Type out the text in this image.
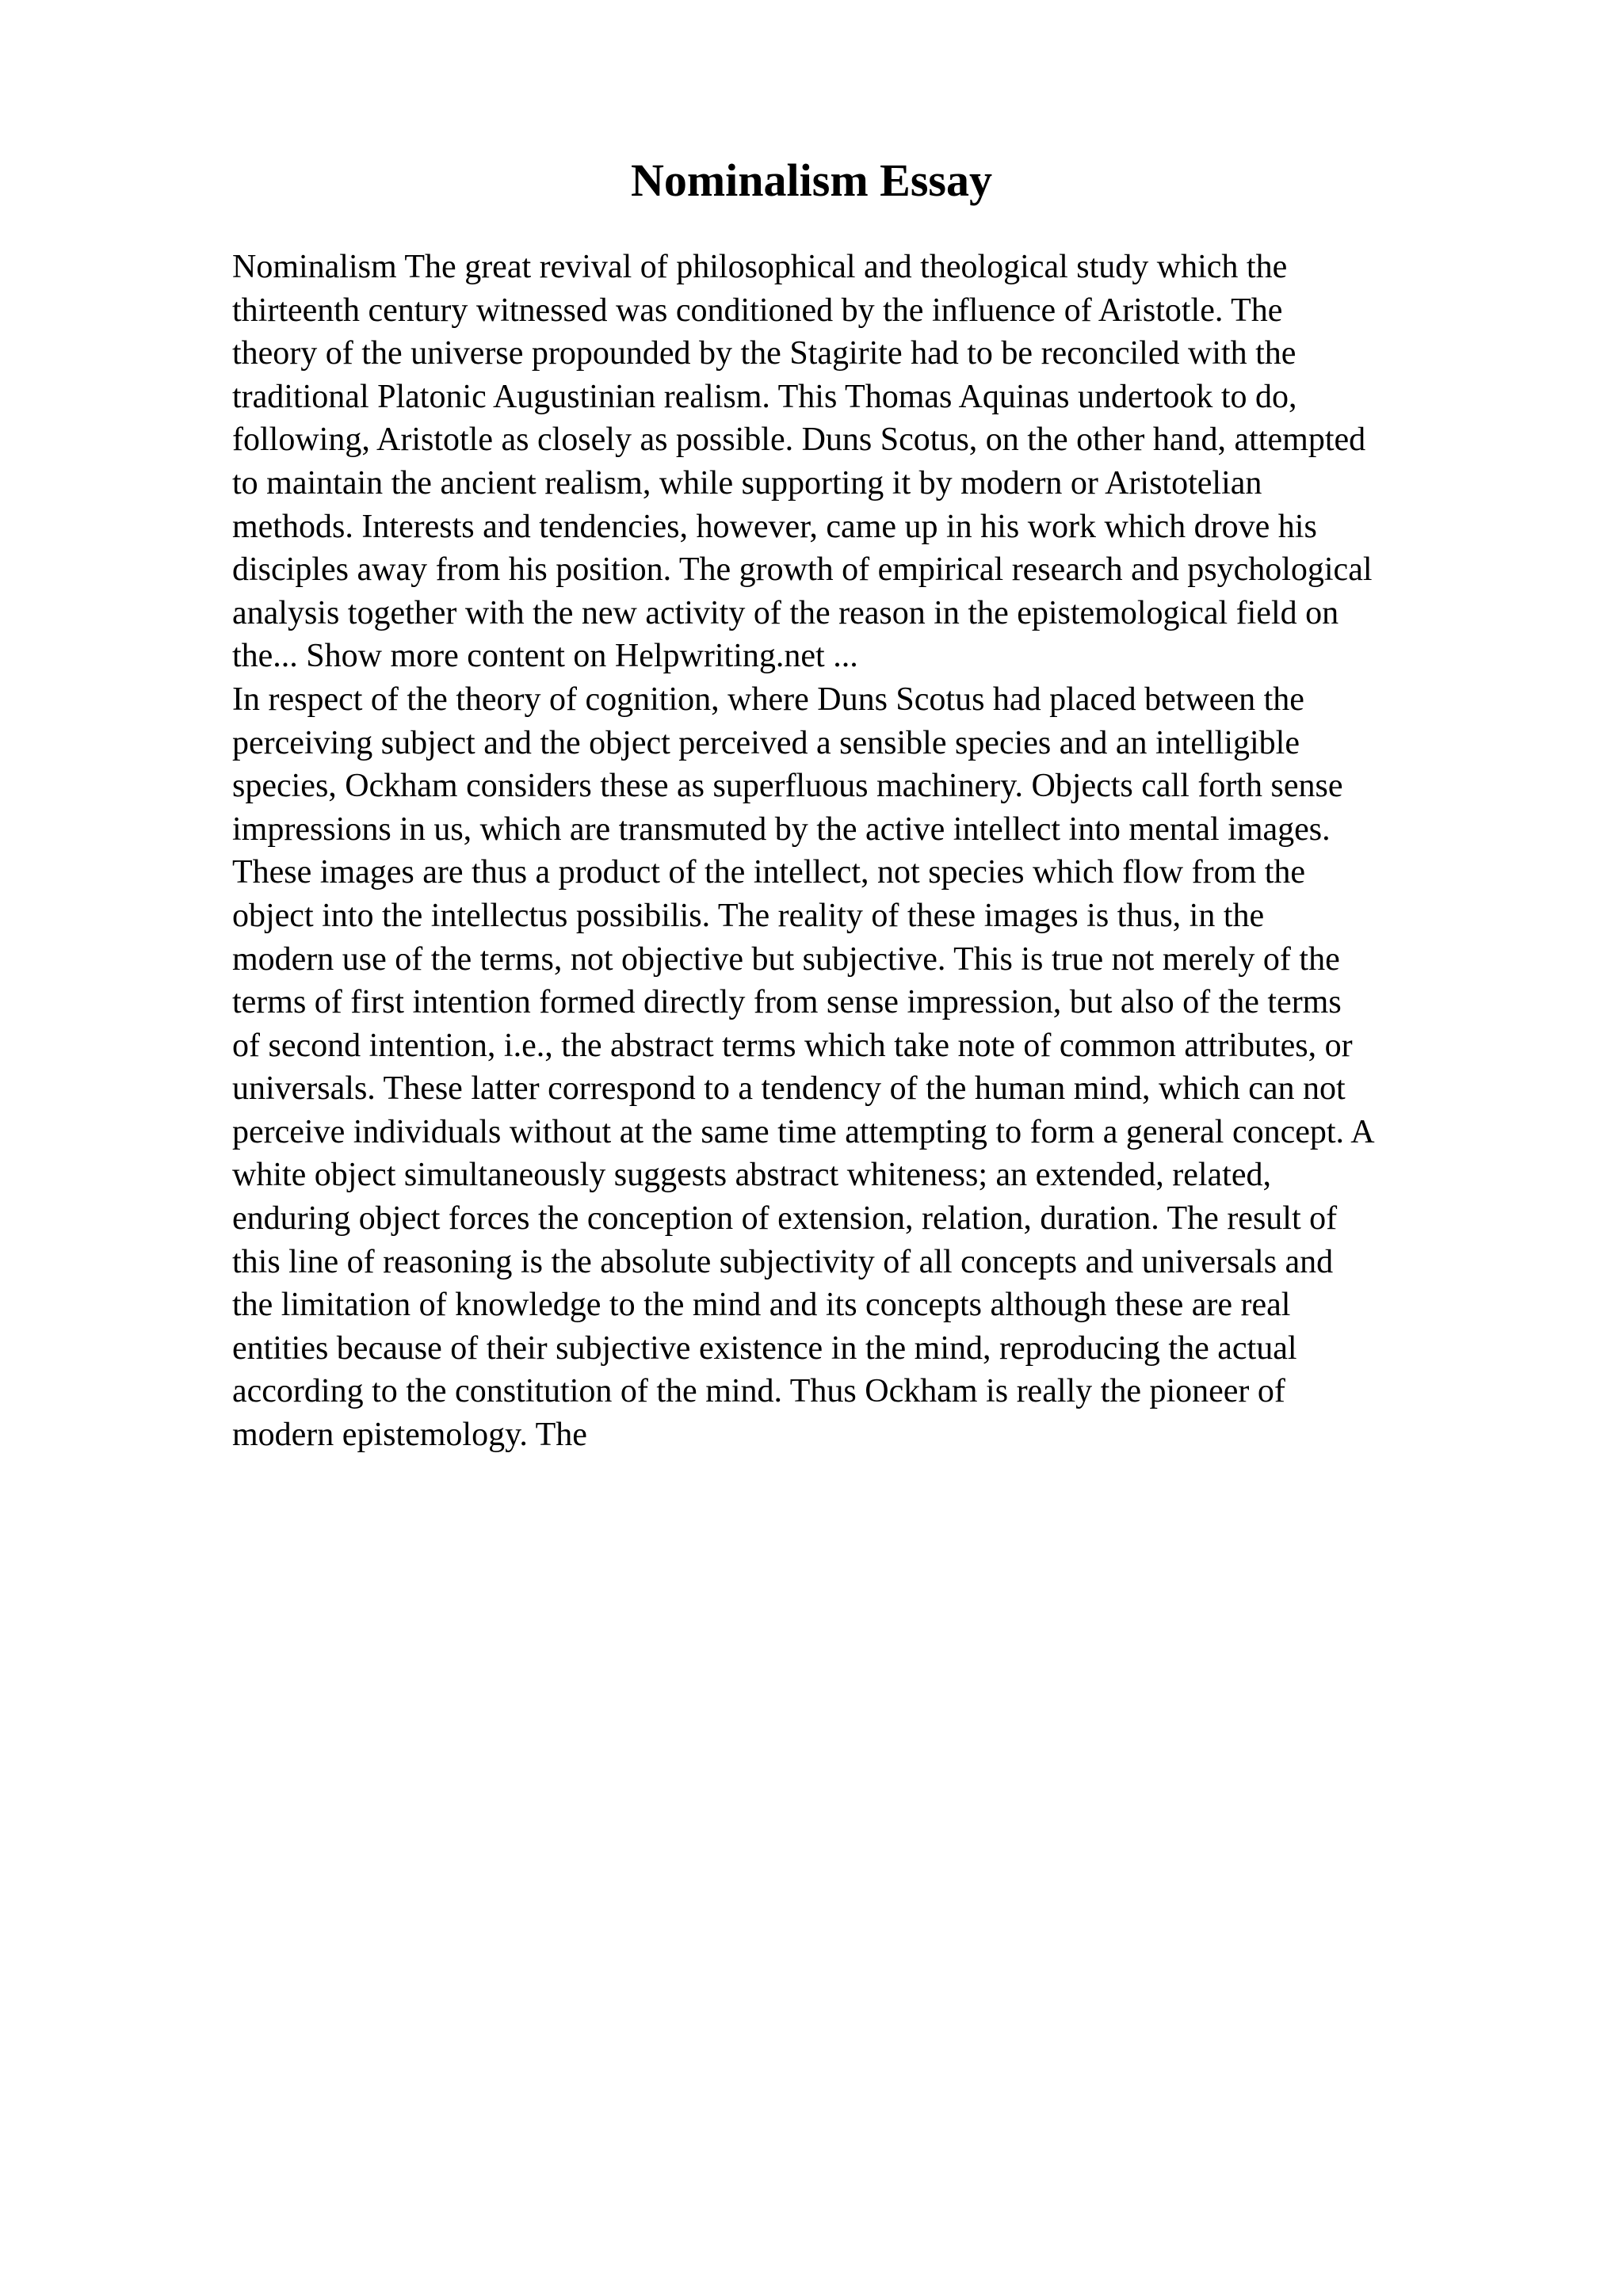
Nominalism Essay
Nominalism The great revival of philosophical and theological study which the
thirteenth century witnessed was conditioned by the influence of Aristotle. The
theory of the universe propounded by the Stagirite had to be reconciled with the
traditional Platonic Augustinian realism. This Thomas Aquinas undertook to do,
following, Aristotle as closely as possible. Duns Scotus, on the other hand, attempted
to maintain the ancient realism, while supporting it by modern or Aristotelian
methods. Interests and tendencies, however, came up in his work which drove his
disciples away from his position. The growth of empirical research and psychological
analysis together with the new activity of the reason in the epistemological field on
the... Show more content on Helpwriting.net ...
In respect of the theory of cognition, where Duns Scotus had placed between the
perceiving subject and the object perceived a sensible species and an intelligible
species, Ockham considers these as superfluous machinery. Objects call forth sense
impressions in us, which are transmuted by the active intellect into mental images.
These images are thus a product of the intellect, not species which flow from the
object into the intellectus possibilis. The reality of these images is thus, in the
modern use of the terms, not objective but subjective. This is true not merely of the
terms of first intention formed directly from sense impression, but also of the terms
of second intention, i.e., the abstract terms which take note of common attributes, or
universals. These latter correspond to a tendency of the human mind, which can not
perceive individuals without at the same time attempting to form a general concept. A
white object simultaneously suggests abstract whiteness; an extended, related,
enduring object forces the conception of extension, relation, duration. The result of
this line of reasoning is the absolute subjectivity of all concepts and universals and
the limitation of knowledge to the mind and its concepts although these are real
entities because of their subjective existence in the mind, reproducing the actual
according to the constitution of the mind. Thus Ockham is really the pioneer of
modern epistemology. The
